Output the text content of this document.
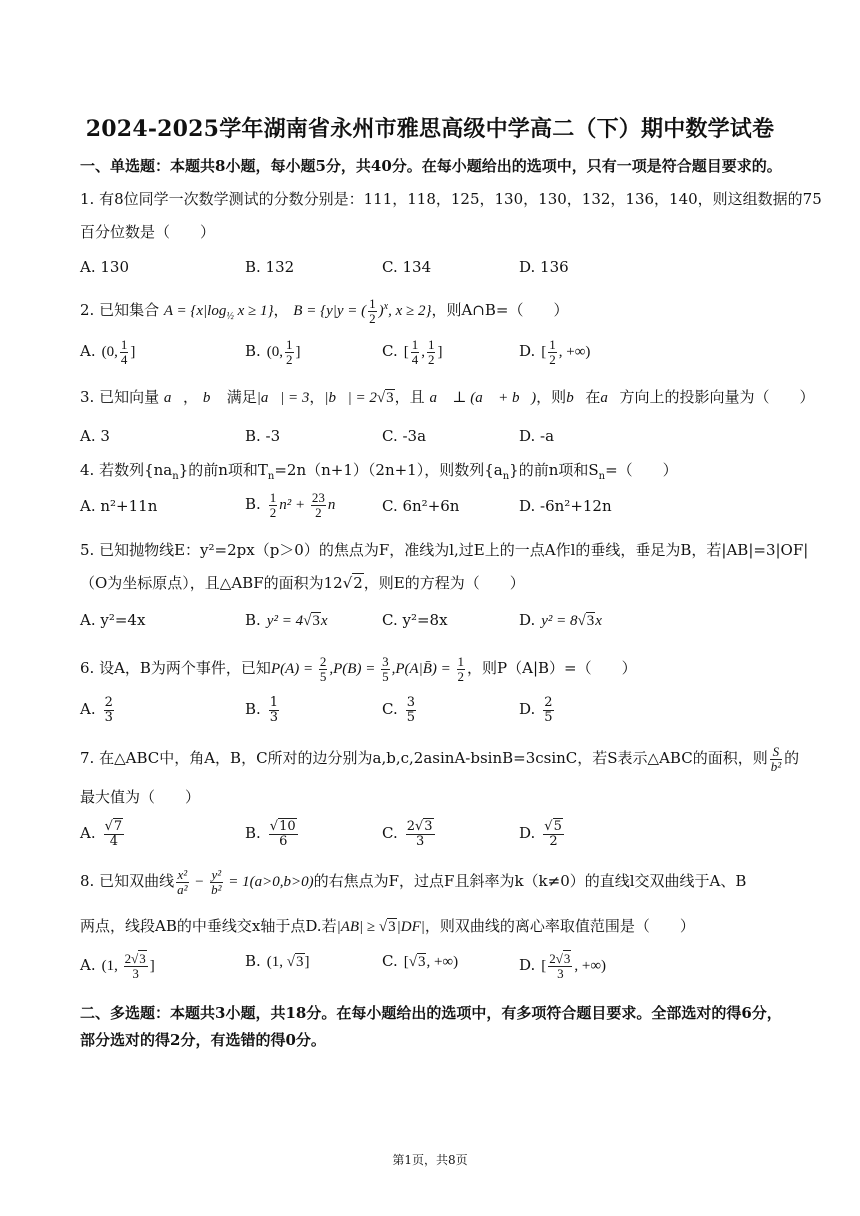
2024-2025学年湖南省永州市雅思高级中学高二（下）期中数学试卷
一、单选题：本题共8小题，每小题5分，共40分。在每小题给出的选项中，只有一项是符合题目要求的。
1. 有8位同学一次数学测试的分数分别是：111，118，125，130，130，132，136，140，则这组数据的75
百分位数是（　　）
A. 130	B. 132	C. 134	D. 136
2. 已知集合 $A = \{x|\log_{\frac{1}{2}}$ x ≥ 1}， B = {y|y = ( $\frac{1}{2} )^x$, x ≥ 2}，则A∩B=（　　）
A. (0, $\frac{1}{4}$ ]	B. (0, $\frac{1}{2}$ ]	C. [ $\frac{1}{4}$ , $\frac{1}{2}$ ]	D. [ $\frac{1}{2}$ , +∞)
3. 已知向量 a⃗， b⃗ 满足|a⃗| = 3，|b⃗| = 2√3，且 a⃗ ⊥ (a⃗ + b⃗)，则b⃗在a⃗方向上的投影向量为（　　）
A. 3	B. -3	C. -3a	D. -a
4. 若数列$\{na_n\}$的前n项和$T_n=2n(n+1)(2n+1)$，则数列$\{a_n\}$的前n项和$S_n=$（　　）
A. n²+11n	B. $\frac{1}{2} n^2 + \frac{23}{2}$ n	C. 6n²+6n	D. -6n²+12n
5. 已知抛物线E：y²=2px（p＞0）的焦点为F，准线为l,过E上的一点A作l的垂线，垂足为B，若|AB|=3|OF|
（O为坐标原点），且△ABF的面积为12√2，则E的方程为（　　）
A. y²=4x	B. y² = 4√3x	C. y²=8x	D. y² = 8√3x
6. 设A，B为两个事件，已知$P(A) = \frac{2}{5} ,P(B) = \frac{3}{5}$ ,P(A|B̄) = $\frac{1}{2}$ ，则P（A|B）=（　　）
A. $\frac{2}{3}$	B. $\frac{1}{3}$	C. $\frac{3}{5}$	D. $\frac{2}{5}$
7. 在△ABC中，角A，B，C所对的边分别为a,b,c,2asinA-bsinB=3csinC，若S表示△ABC的面积，则 $\frac{S}{\text{b²}}$ 的
最大值为（　　）
A. $\frac{√7}{4}$	B. $\frac{√10}{6}$	C. $\frac{2√3}{3}$	D. $\frac{√5}{2}$
8. 已知双曲线 $\frac{\text{x²}}{\text{a²}} - \frac{\text{y²}}{\text{b²}} = 1(a>0,b>0)$的右焦点为F，过点F且斜率为k（k≠0）的直线l交双曲线于A、B
两点，线段AB的中垂线交x轴于点D.若|AB| ≥ √3|DF|，则双曲线的离心率取值范围是（　　）
A. (1, $\frac{2√3}{3}$ ]	B. (1, √3]	C. [√3, +∞)	D. [ $\frac{2√3}{3}$ , +∞)
二、多选题：本题共3小题，共18分。在每小题给出的选项中，有多项符合题目要求。全部选对的得6分，部分选对的得2分，有选错的得0分。
第1页，共8页
